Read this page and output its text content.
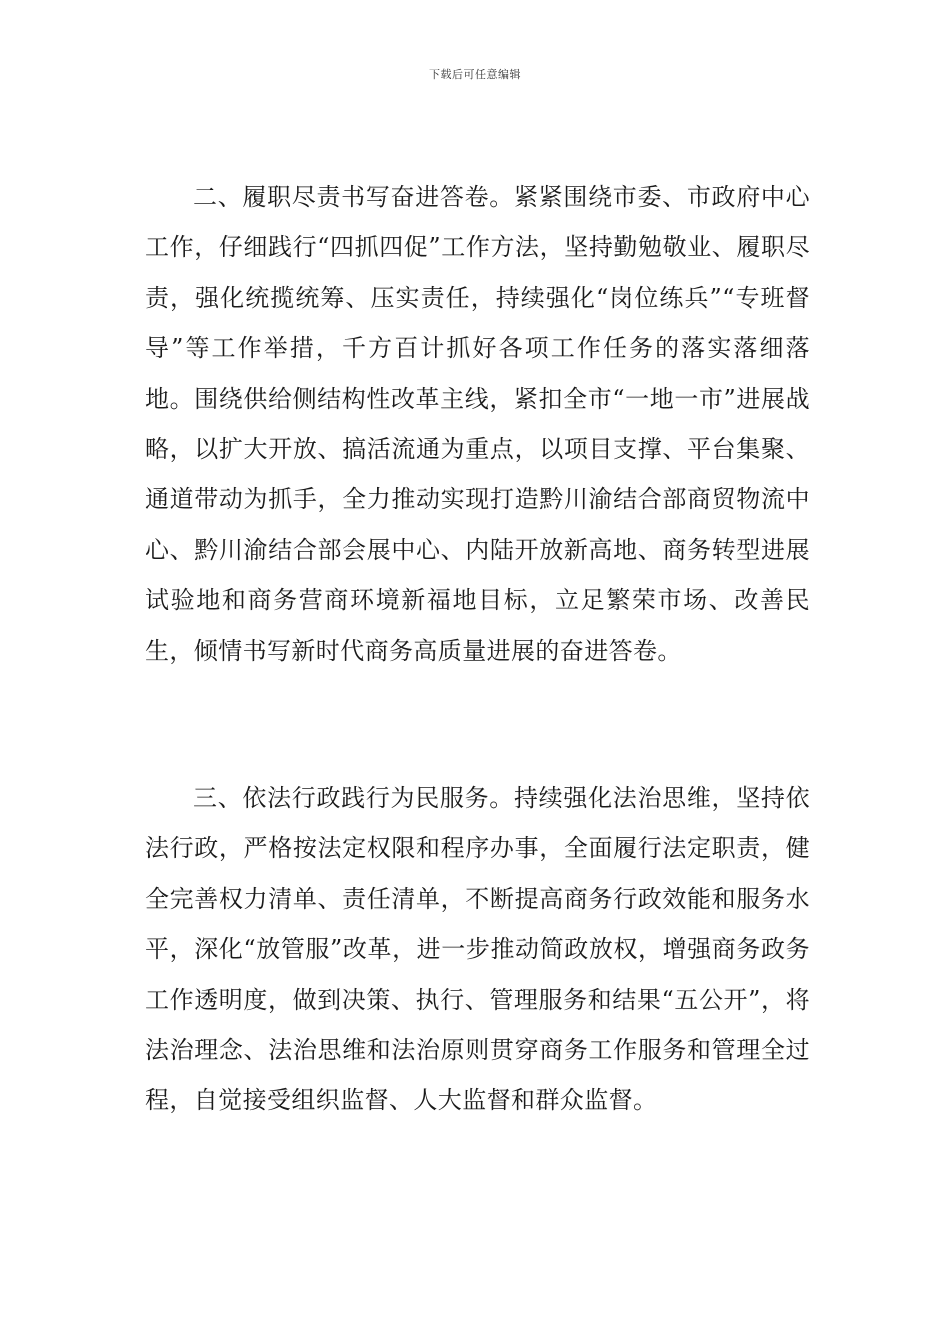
下载后可任意编辑

二、履职尽责书写奋进答卷。紧紧围绕市委、市政府中心工作，仔细践行“四抓四促”工作方法，坚持勤勉敬业、履职尽责，强化统揽统筹、压实责任，持续强化“岗位练兵”“专班督导”等工作举措，千方百计抓好各项工作任务的落实落细落地。围绕供给侧结构性改革主线，紧扣全市“一地一市”进展战略，以扩大开放、搞活流通为重点，以项目支撑、平台集聚、通道带动为抓手，全力推动实现打造黔川渝结合部商贸物流中心、黔川渝结合部会展中心、内陆开放新高地、商务转型进展试验地和商务营商环境新福地目标，立足繁荣市场、改善民生，倾情书写新时代商务高质量进展的奋进答卷。

三、依法行政践行为民服务。持续强化法治思维，坚持依法行政，严格按法定权限和程序办事，全面履行法定职责，健全完善权力清单、责任清单，不断提高商务行政效能和服务水平，深化“放管服”改革，进一步推动简政放权，增强商务政务工作透明度，做到决策、执行、管理服务和结果“五公开”，将法治理念、法治思维和法治原则贯穿商务工作服务和管理全过程，自觉接受组织监督、人大监督和群众监督。
